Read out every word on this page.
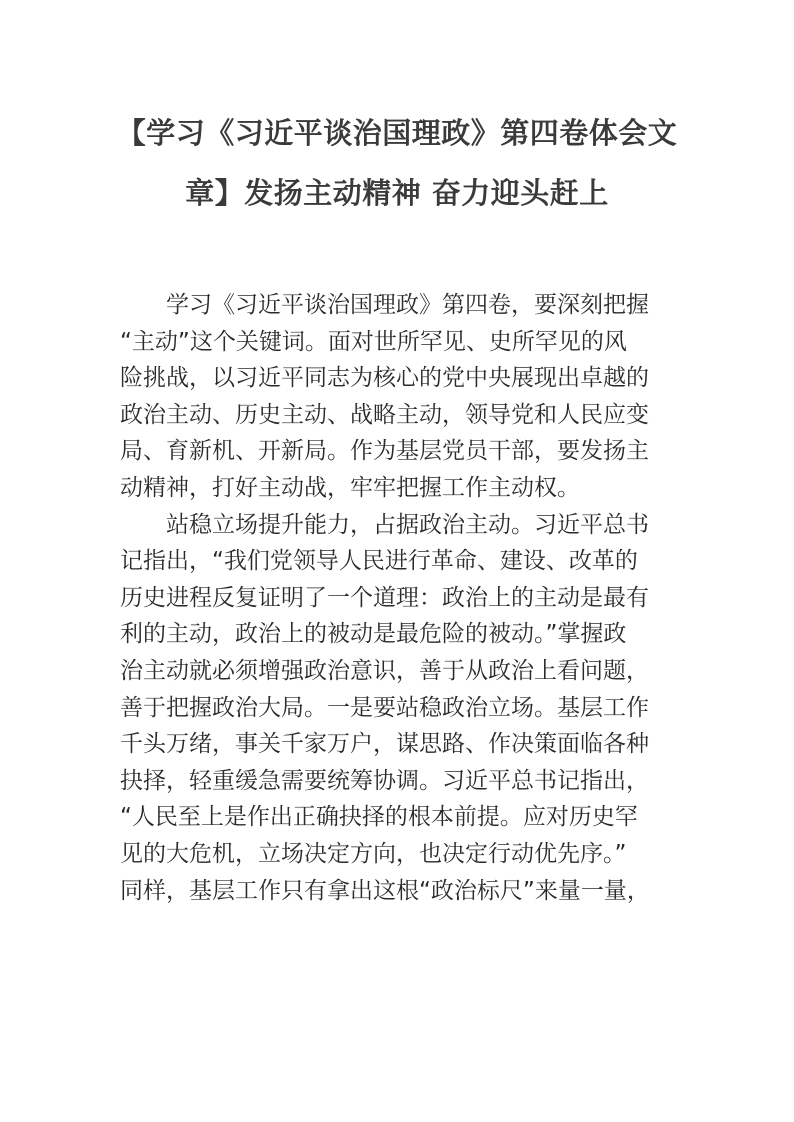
【学习《习近平谈治国理政》第四卷体会文
章】发扬主动精神 奋力迎头赶上

学习《习近平谈治国理政》第四卷，要深刻把握
“主动”这个关键词。面对世所罕见、史所罕见的风
险挑战，以习近平同志为核心的党中央展现出卓越的
政治主动、历史主动、战略主动，领导党和人民应变
局、育新机、开新局。作为基层党员干部，要发扬主
动精神，打好主动战，牢牢把握工作主动权。

站稳立场提升能力，占据政治主动。习近平总书
记指出，“我们党领导人民进行革命、建设、改革的
历史进程反复证明了一个道理：政治上的主动是最有
利的主动，政治上的被动是最危险的被动。”掌握政
治主动就必须增强政治意识，善于从政治上看问题，
善于把握政治大局。一是要站稳政治立场。基层工作
千头万绪，事关千家万户，谋思路、作决策面临各种
抉择，轻重缓急需要统筹协调。习近平总书记指出，
“人民至上是作出正确抉择的根本前提。应对历史罕
见的大危机，立场决定方向，也决定行动优先序。”
同样，基层工作只有拿出这根“政治标尺”来量一量，
